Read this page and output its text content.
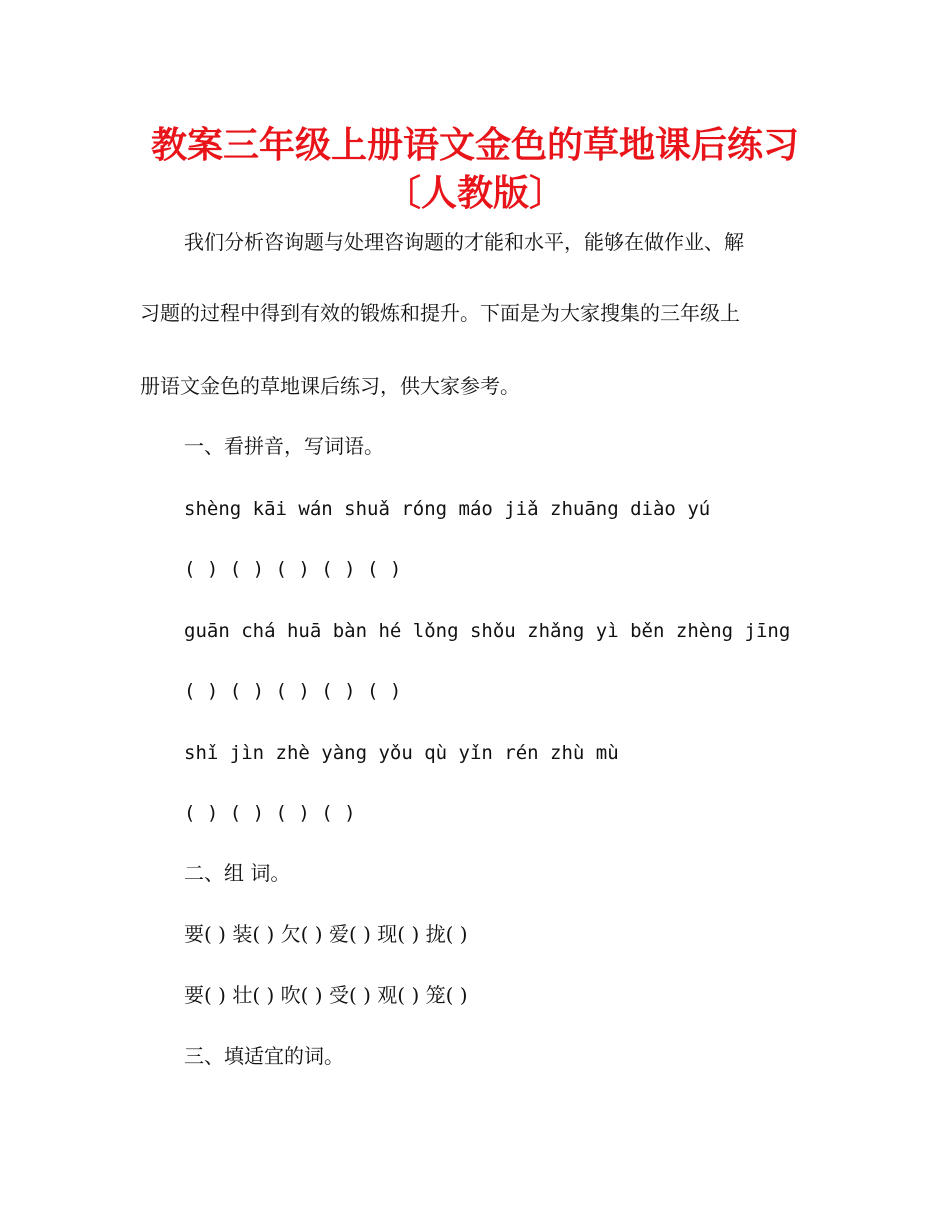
教案三年级上册语文金色的草地课后练习
〔人教版〕
我们分析咨询题与处理咨询题的才能和水平，能够在做作业、解
习题的过程中得到有效的锻炼和提升。下面是为大家搜集的三年级上
册语文金色的草地课后练习，供大家参考。
一、看拼音，写词语。
shèng kāi wán shuǎ róng máo jiǎ zhuāng diào yú
( ) ( ) ( ) ( ) ( )
guān chá huā bàn hé lǒng shǒu zhǎng yì běn zhèng jīng
( ) ( ) ( ) ( ) ( )
shǐ jìn zhè yàng yǒu qù yǐn rén zhù mù
( ) ( ) ( ) ( )
二、组 词。
要( ) 装( ) 欠( ) 爱( ) 现( ) 拢( )
要( ) 壮( ) 吹( ) 受( ) 观( ) 笼( )
三、填适宜的词。
